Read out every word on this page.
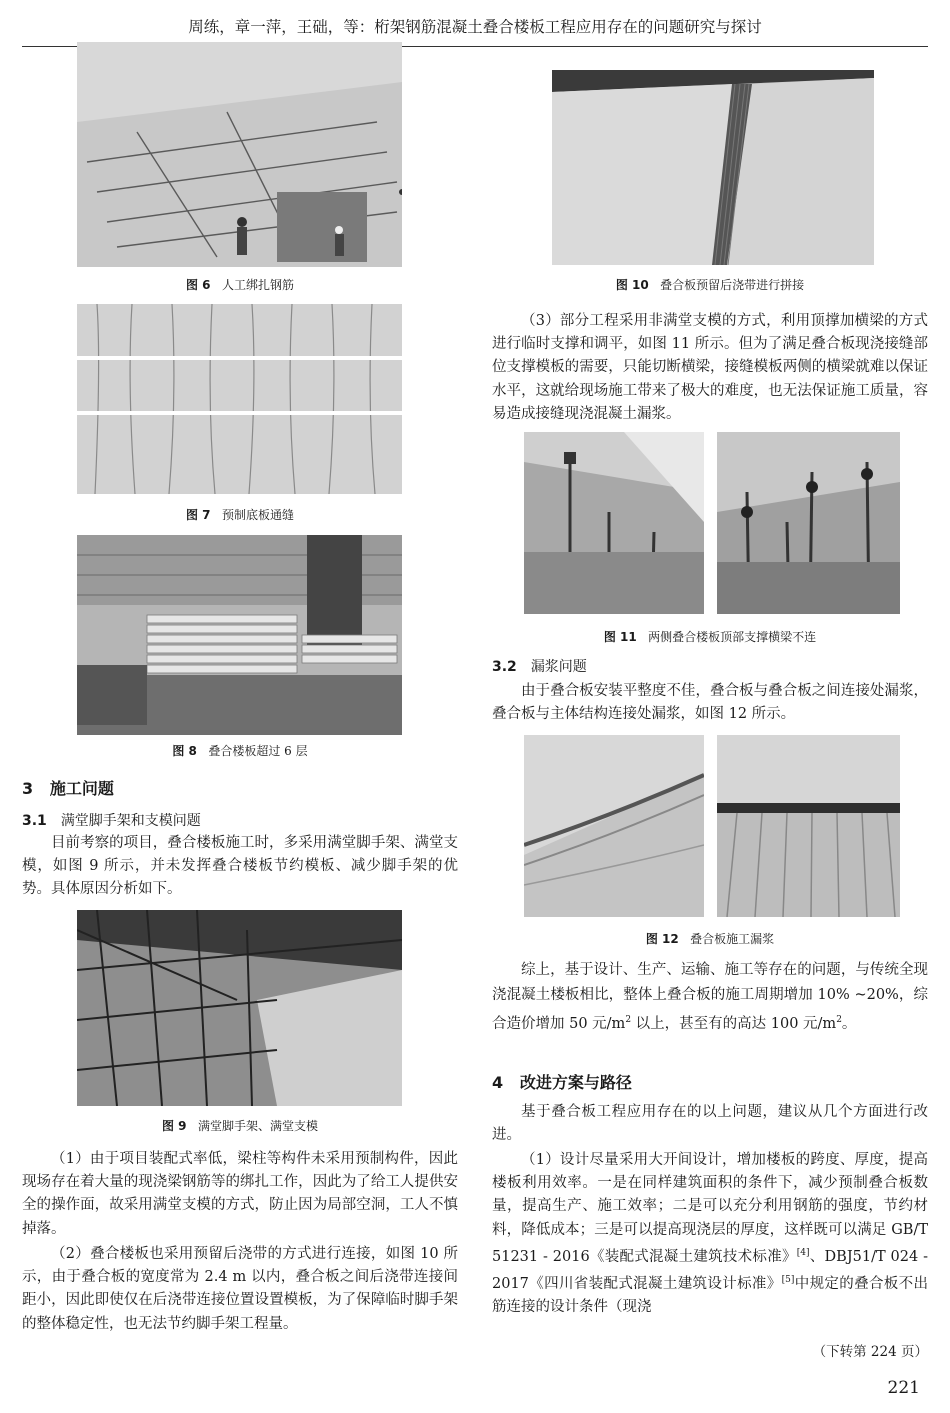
周练，章一萍，王础，等：桁架钢筋混凝土叠合楼板工程应用存在的问题研究与探讨
图 6 人工绑扎钢筋
图 7 预制底板通缝
图 8 叠合楼板超过 6 层
3 施工问题
3.1 满堂脚手架和支模问题
目前考察的项目，叠合楼板施工时，多采用满堂脚手架、满堂支模，如图 9 所示，并未发挥叠合楼板节约模板、减少脚手架的优势。具体原因分析如下。
图 9 满堂脚手架、满堂支模
（1）由于项目装配式率低，梁柱等构件未采用预制构件，因此现场存在着大量的现浇梁钢筋等的绑扎工作，因此为了给工人提供安全的操作面，故采用满堂支模的方式，防止因为局部空洞，工人不慎掉落。
（2）叠合楼板也采用预留后浇带的方式进行连接，如图 10 所示，由于叠合板的宽度常为 2.4 m 以内，叠合板之间后浇带连接间距小，因此即使仅在后浇带连接位置设置模板，为了保障临时脚手架的整体稳定性，也无法节约脚手架工程量。
图 10 叠合板预留后浇带进行拼接
（3）部分工程采用非满堂支模的方式，利用顶撑加横梁的方式进行临时支撑和调平，如图 11 所示。但为了满足叠合板现浇接缝部位支撑模板的需要，只能切断横梁，接缝模板两侧的横梁就难以保证水平，这就给现场施工带来了极大的难度，也无法保证施工质量，容易造成接缝现浇混凝土漏浆。
图 11 两侧叠合楼板顶部支撑横梁不连
3.2 漏浆问题
由于叠合板安装平整度不佳，叠合板与叠合板之间连接处漏浆，叠合板与主体结构连接处漏浆，如图 12 所示。
图 12 叠合板施工漏浆
综上，基于设计、生产、运输、施工等存在的问题，与传统全现浇混凝土楼板相比，整体上叠合板的施工周期增加 10% ~20%，综合造价增加 50 元$/m^2$ 以上，甚至有的高达 100 元$/m^2$。
4 改进方案与路径
基于叠合板工程应用存在的以上问题，建议从几个方面进行改进。
（1）设计尽量采用大开间设计，增加楼板的跨度、厚度，提高楼板利用效率。一是在同样建筑面积的条件下，减少预制叠合板数量，提高生产、施工效率；二是可以充分利用钢筋的强度，节约材料，降低成本；三是可以提高现浇层的厚度，这样既可以满足 GB/T 51231 - 2016《装配式混凝土建筑技术标准》[4]、DBJ51/T 024 - 2017《四川省装配式混凝土建筑设计标准》[5]中规定的叠合板不出筋连接的设计条件（现浇
（下转第 224 页）
221
